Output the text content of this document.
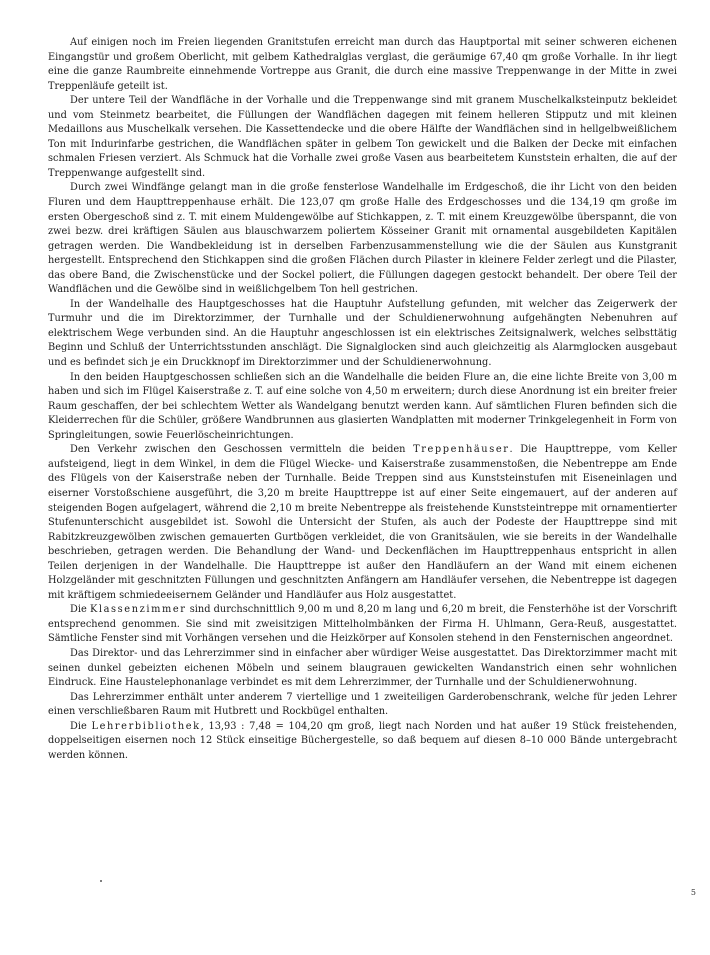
Auf einigen noch im Freien liegenden Granitstufen erreicht man durch das Hauptportal mit seiner schweren eichenen Eingangstür und großem Oberlicht, mit gelbem Kathedralglas verglast, die geräumige 67,40 qm große Vorhalle. In ihr liegt eine die ganze Raumbreite einnehmende Vortreppe aus Granit, die durch eine massive Treppenwange in der Mitte in zwei Treppenläufe geteilt ist.

Der untere Teil der Wandfläche in der Vorhalle und die Treppenwange sind mit granem Muschelkalksteinputz bekleidet und vom Steinmetz bearbeitet, die Füllungen der Wandflächen dagegen mit feinem helleren Stipputz und mit kleinen Medaillons aus Muschelkalk versehen. Die Kassettendecke und die obere Hälfte der Wandflächen sind in hellgelbweißlichem Ton mit Indurinfarbe gestrichen, die Wandflächen später in gelbem Ton gewickelt und die Balken der Decke mit einfachen schmalen Friesen verziert. Als Schmuck hat die Vorhalle zwei große Vasen aus bearbeitetem Kunststein erhalten, die auf der Treppenwange aufgestellt sind.

Durch zwei Windfänge gelangt man in die große fensterlose Wandelhalle im Erdgeschoß, die ihr Licht von den beiden Fluren und dem Haupttreppenhause erhält. Die 123,07 qm große Halle des Erdgeschosses und die 134,19 qm große im ersten Obergeschoß sind z. T. mit einem Muldengewölbe auf Stichkappen, z. T. mit einem Kreuzgewölbe überspannt, die von zwei bezw. drei kräftigen Säulen aus blauschwarzem poliertem Kösseiner Granit mit ornamental ausgebildeten Kapitälen getragen werden. Die Wandbekleidung ist in derselben Farbenzusammenstellung wie die der Säulen aus Kunstgranit hergestellt. Entsprechend den Stichkappen sind die großen Flächen durch Pilaster in kleinere Felder zerlegt und die Pilaster, das obere Band, die Zwischenstücke und der Sockel poliert, die Füllungen dagegen gestockt behandelt. Der obere Teil der Wandflächen und die Gewölbe sind in weißlichgelbem Ton hell gestrichen.

In der Wandelhalle des Hauptgeschosses hat die Hauptuhr Aufstellung gefunden, mit welcher das Zeigerwerk der Turmuhr und die im Direktorzimmer, der Turnhalle und der Schuldienerwohnung aufgehängten Nebenuhren auf elektrischem Wege verbunden sind. An die Hauptuhr angeschlossen ist ein elektrisches Zeitsignalwerk, welches selbsttätig Beginn und Schluß der Unterrichtsstunden anschlägt. Die Signalglocken sind auch gleichzeitig als Alarmglocken ausgebaut und es befindet sich je ein Druckknopf im Direktorzimmer und der Schuldienerwohnung.

In den beiden Hauptgeschossen schließen sich an die Wandelhalle die beiden Flure an, die eine lichte Breite von 3,00 m haben und sich im Flügel Kaiserstraße z. T. auf eine solche von 4,50 m erweitern; durch diese Anordnung ist ein breiter freier Raum geschaffen, der bei schlechtem Wetter als Wandelgang benutzt werden kann. Auf sämtlichen Fluren befinden sich die Kleiderrechen für die Schüler, größere Wandbrunnen aus glasierten Wandplatten mit moderner Trinkgelegenheit in Form von Springleitungen, sowie Feuerlöscheinrichtungen.

Den Verkehr zwischen den Geschossen vermitteln die beiden Treppenhäuser. Die Haupttreppe, vom Keller aufsteigend, liegt in dem Winkel, in dem die Flügel Wiecke- und Kaiserstraße zusammenstoßen, die Nebentreppe am Ende des Flügels von der Kaiserstraße neben der Turnhalle. Beide Treppen sind aus Kunststeinstufen mit Eiseneinlagen und eiserner Vorstoßschiene ausgeführt, die 3,20 m breite Haupttreppe ist auf einer Seite eingemauert, auf der anderen auf steigenden Bogen aufgelagert, während die 2,10 m breite Nebentreppe als freistehende Kunststeintreppe mit ornamentierter Stufenunterschicht ausgebildet ist. Sowohl die Untersicht der Stufen, als auch der Podeste der Haupttreppe sind mit Rabitzkreuzgewölben zwischen gemauerten Gurtbögen verkleidet, die von Granitsäulen, wie sie bereits in der Wandelhalle beschrieben, getragen werden. Die Behandlung der Wand- und Deckenflächen im Haupttreppenhaus entspricht in allen Teilen derjenigen in der Wandelhalle. Die Haupttreppe ist außer den Handläufern an der Wand mit einem eichenen Holzgeländer mit geschnitzten Füllungen und geschnitzten Anfängern am Handläufer versehen, die Nebentreppe ist dagegen mit kräftigem schmiedeeisernem Geländer und Handläufer aus Holz ausgestattet.

Die Klassenzimmer sind durchschnittlich 9,00 m und 8,20 m lang und 6,20 m breit, die Fensterhöhe ist der Vorschrift entsprechend genommen. Sie sind mit zweisitzigen Mittelholmbänken der Firma H. Uhlmann, Gera-Reuß, ausgestattet. Sämtliche Fenster sind mit Vorhängen versehen und die Heizkörper auf Konsolen stehend in den Fensternischen angeordnet.

Das Direktor- und das Lehrerzimmer sind in einfacher aber würdiger Weise ausgestattet. Das Direktorzimmer macht mit seinen dunkel gebeizten eichenen Möbeln und seinem blaugrauen gewickelten Wandanstrich einen sehr wohnlichen Eindruck. Eine Haustelephonanlage verbindet es mit dem Lehrerzimmer, der Turnhalle und der Schuldienerwohnung.

Das Lehrerzimmer enthält unter anderem 7 viertellige und 1 zweiteiligen Garderobenschrank, welche für jeden Lehrer einen verschließbaren Raum mit Hutbrett und Rockbügel enthalten.

Die Lehrerbibliothek, 13,93 : 7,48 = 104,20 qm groß, liegt nach Norden und hat außer 19 Stück freistehenden, doppelseitigen eisernen noch 12 Stück einseitige Büchergestelle, so daß bequem auf diesen 8–10 000 Bände untergebracht werden können.

5
